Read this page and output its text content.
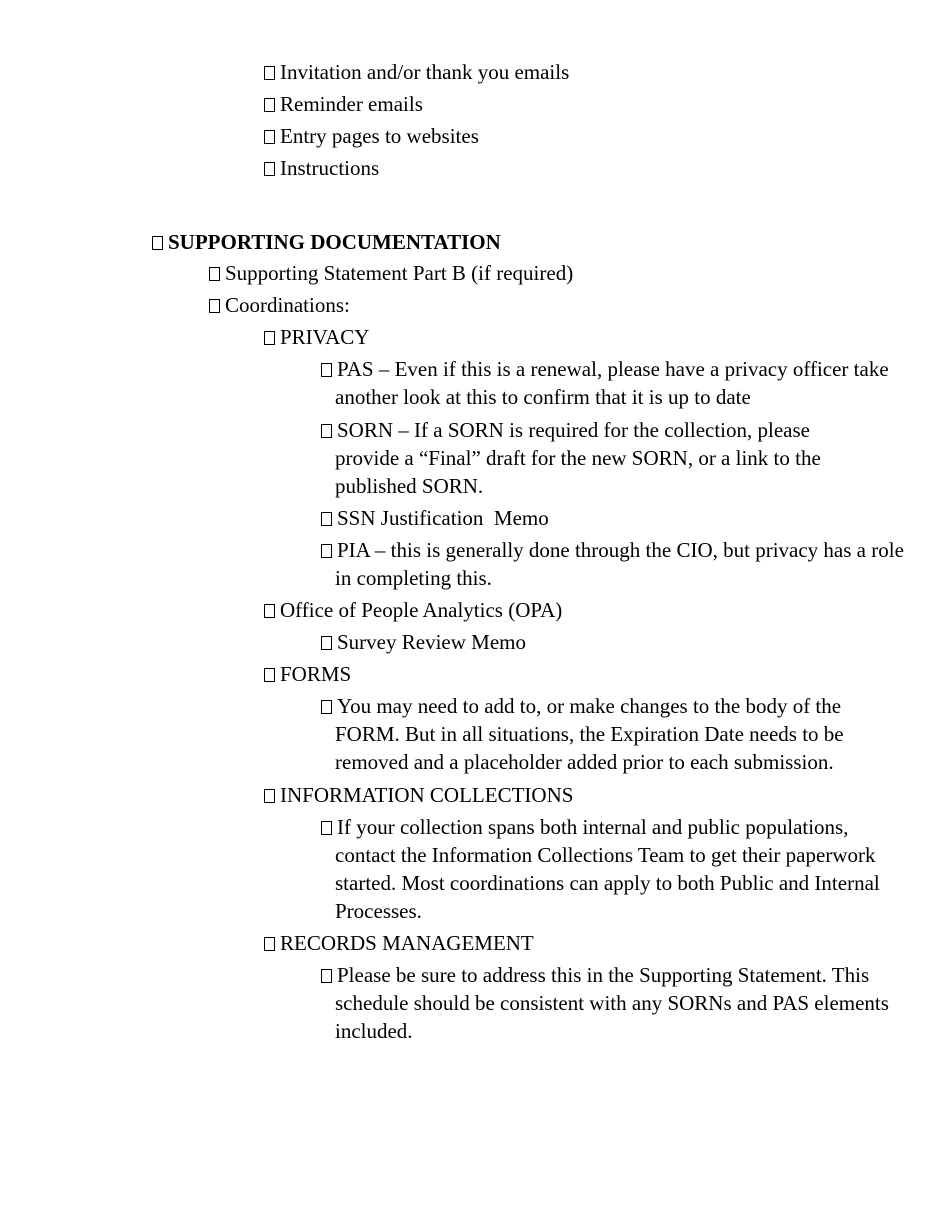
Invitation and/or thank you emails
Reminder emails
Entry pages to websites
Instructions
SUPPORTING DOCUMENTATION
Supporting Statement Part B (if required)
Coordinations:
PRIVACY
PAS – Even if this is a renewal, please have a privacy officer take another look at this to confirm that it is up to date
SORN – If a SORN is required for the collection, please provide a “Final” draft for the new SORN, or a link to the published SORN.
SSN Justification  Memo
PIA – this is generally done through the CIO, but privacy has a role in completing this.
Office of People Analytics (OPA)
Survey Review Memo
FORMS
You may need to add to, or make changes to the body of the FORM. But in all situations, the Expiration Date needs to be removed and a placeholder added prior to each submission.
INFORMATION COLLECTIONS
If your collection spans both internal and public populations, contact the Information Collections Team to get their paperwork started. Most coordinations can apply to both Public and Internal Processes.
RECORDS MANAGEMENT
Please be sure to address this in the Supporting Statement. This schedule should be consistent with any SORNs and PAS elements included.
